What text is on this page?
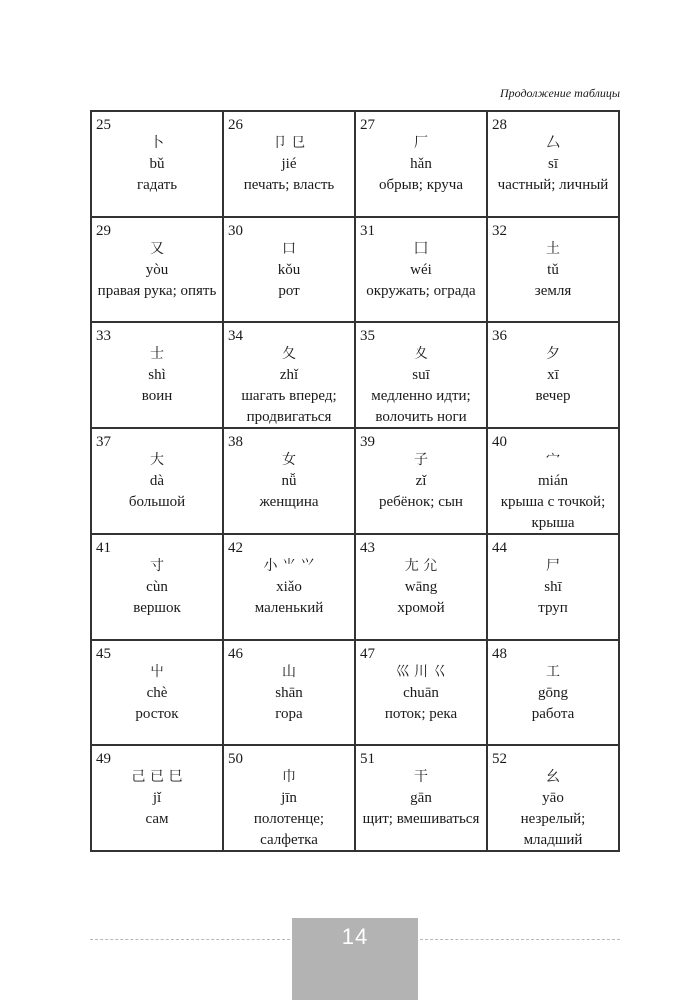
Продолжение таблицы
25
卜
bǔ
гадать
26
卩 㔾
jié
печать; власть
27
厂
hǎn
обрыв; круча
28
厶
sī
частный; личный
29
又
yòu
правая рука; опять
30
口
kǒu
рот
31
囗
wéi
окружать; ограда
32
土
tǔ
земля
33
士
shì
воин
34
夂
zhǐ
шагать вперед; продвигаться
35
夊
suī
медленно идти; волочить ноги
36
夕
xī
вечер
37
大
dà
большой
38
女
nǚ
женщина
39
子
zǐ
ребёнок; сын
40
宀
mián
крыша с точкой; крыша
41
寸
cùn
вершок
42
小 ⺌ ⺍
xiǎo
маленький
43
尢 尣
wāng
хромой
44
尸
shī
труп
45
屮
chè
росток
46
山
shān
гора
47
巛 川 巜
chuān
поток; река
48
工
gōng
работа
49
己 已 巳
jǐ
сам
50
巾
jīn
полотенце; салфетка
51
干
gān
щит; вмешиваться
52
幺
yāo
незрелый; младший
14
